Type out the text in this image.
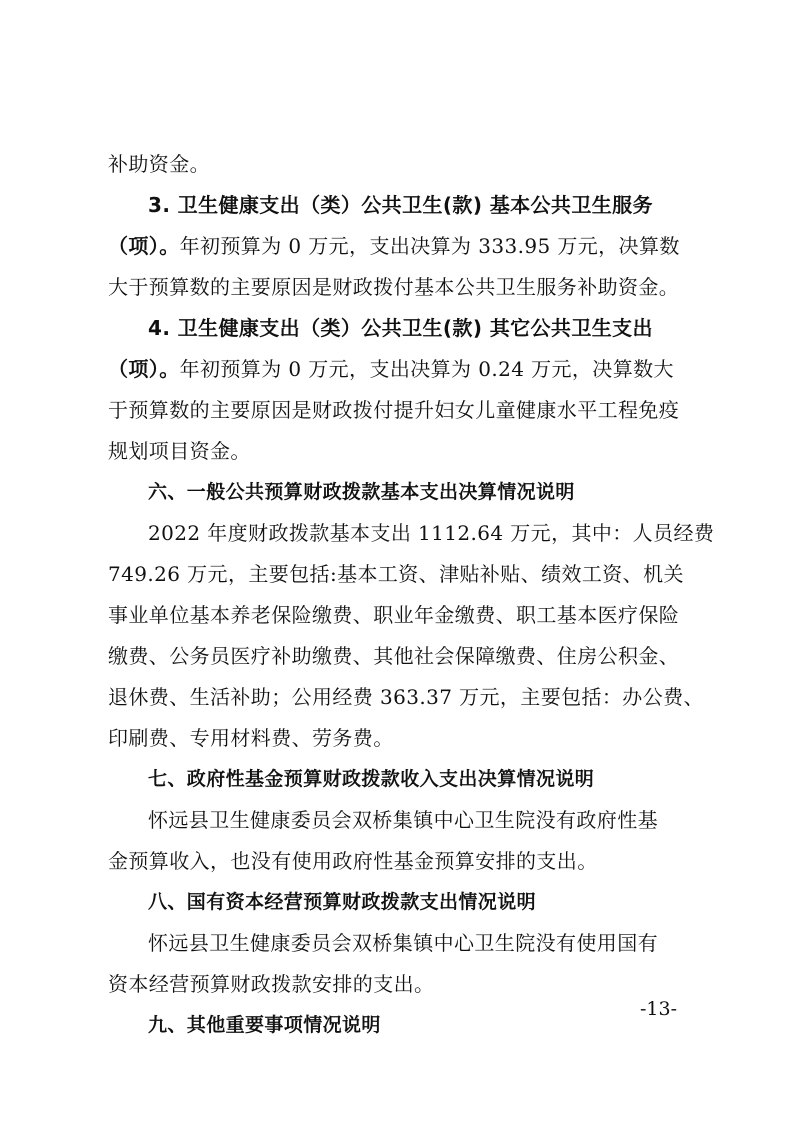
补助资金。
3. 卫生健康支出（类）公共卫生(款) 基本公共卫生服务
（项）。年初预算为 0 万元，支出决算为 333.95 万元，决算数
大于预算数的主要原因是财政拨付基本公共卫生服务补助资金。
4. 卫生健康支出（类）公共卫生(款) 其它公共卫生支出
（项）。年初预算为 0 万元，支出决算为 0.24 万元，决算数大
于预算数的主要原因是财政拨付提升妇女儿童健康水平工程免疫
规划项目资金。
六、一般公共预算财政拨款基本支出决算情况说明
2022 年度财政拨款基本支出 1112.64 万元，其中：人员经费
749.26 万元，主要包括:基本工资、津贴补贴、绩效工资、机关
事业单位基本养老保险缴费、职业年金缴费、职工基本医疗保险
缴费、公务员医疗补助缴费、其他社会保障缴费、住房公积金、
退休费、生活补助；公用经费 363.37 万元，主要包括：办公费、
印刷费、专用材料费、劳务费。
七、政府性基金预算财政拨款收入支出决算情况说明
怀远县卫生健康委员会双桥集镇中心卫生院没有政府性基
金预算收入，也没有使用政府性基金预算安排的支出。
八、国有资本经营预算财政拨款支出情况说明
怀远县卫生健康委员会双桥集镇中心卫生院没有使用国有
资本经营预算财政拨款安排的支出。
九、其他重要事项情况说明
-13-
